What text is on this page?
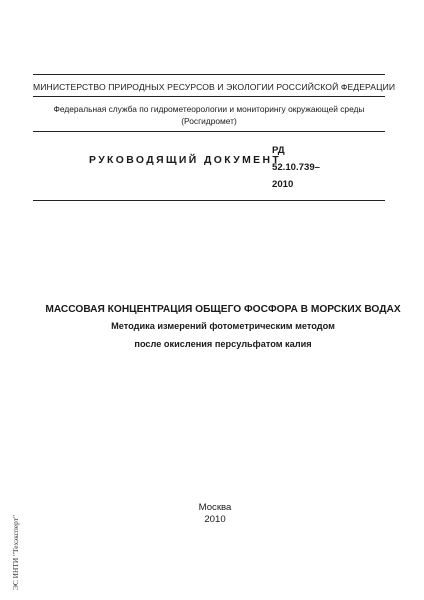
МИНИСТЕРСТВО ПРИРОДНЫХ РЕСУРСОВ И ЭКОЛОГИИ РОССИЙСКОЙ ФЕДЕРАЦИИ
Федеральная служба по гидрометеорологии и мониторингу окружающей среды
(Росгидромет)
РУКОВОДЯЩИЙ ДОКУМЕНТ
РД
52.10.739–
2010
МАССОВАЯ КОНЦЕНТРАЦИЯ ОБЩЕГО ФОСФОРА В МОРСКИХ ВОДАХ
Методика измерений фотометрическим методом
после окисления персульфатом калия
Москва
2010
ЭС ИНТИ "Техэксперт"
